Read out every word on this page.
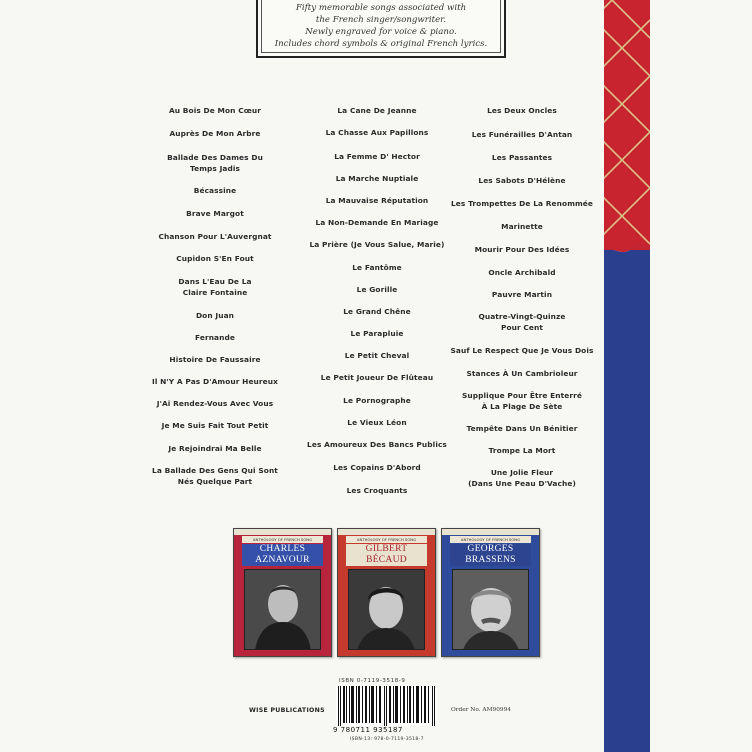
Fifty memorable songs associated with
the French singer/songwriter.
Newly engraved for voice & piano.
Includes chord symbols & original French lyrics.
Au Bois De Mon Cœur
Auprès De Mon Arbre
Ballade Des Dames Du
Temps Jadis
Bécassine
Brave Margot
Chanson Pour L'Auvergnat
Cupidon S'En Fout
Dans L'Eau De La
Claire Fontaine
Don Juan
Fernande
Histoire De Faussaire
Il N'Y A Pas D'Amour Heureux
J'Ai Rendez-Vous Avec Vous
Je Me Suis Fait Tout Petit
Je Rejoindrai Ma Belle
La Ballade Des Gens Qui Sont
Nés Quelque Part
La Cane De Jeanne
La Chasse Aux Papillons
La Femme D' Hector
La Marche Nuptiale
La Mauvaise Réputation
La Non-Demande En Mariage
La Prière (Je Vous Salue, Marie)
Le Fantôme
Le Gorille
Le Grand Chêne
Le Parapluie
Le Petit Cheval
Le Petit Joueur De Flûteau
Le Pornographe
Le Vieux Léon
Les Amoureux Des Bancs Publics
Les Copains D'Abord
Les Croquants
Les Deux Oncles
Les Funérailles D'Antan
Les Passantes
Les Sabots D'Hélène
Les Trompettes De La Renommée
Marinette
Mourir Pour Des Idées
Oncle Archibald
Pauvre Martin
Quatre-Vingt-Quinze
Pour Cent
Sauf Le Respect Que Je Vous Dois
Stances À Un Cambrioleur
Supplique Pour Être Enterré
À La Plage De Sète
Tempête Dans Un Bénitier
Trompe La Mort
Une Jolie Fleur
(Dans Une Peau D'Vache)
ANTHOLOGY OF FRENCH SONG
CHARLES
AZNAVOUR
ANTHOLOGY OF FRENCH SONG
GILBERT
BÉCAUD
ANTHOLOGY OF FRENCH SONG
GEORGES
BRASSENS
ISBN 0-7119-3518-9
WISE PUBLICATIONS	Order No. AM90994
9 780711 935187
ISBN-13: 978-0-7119-3518-7
